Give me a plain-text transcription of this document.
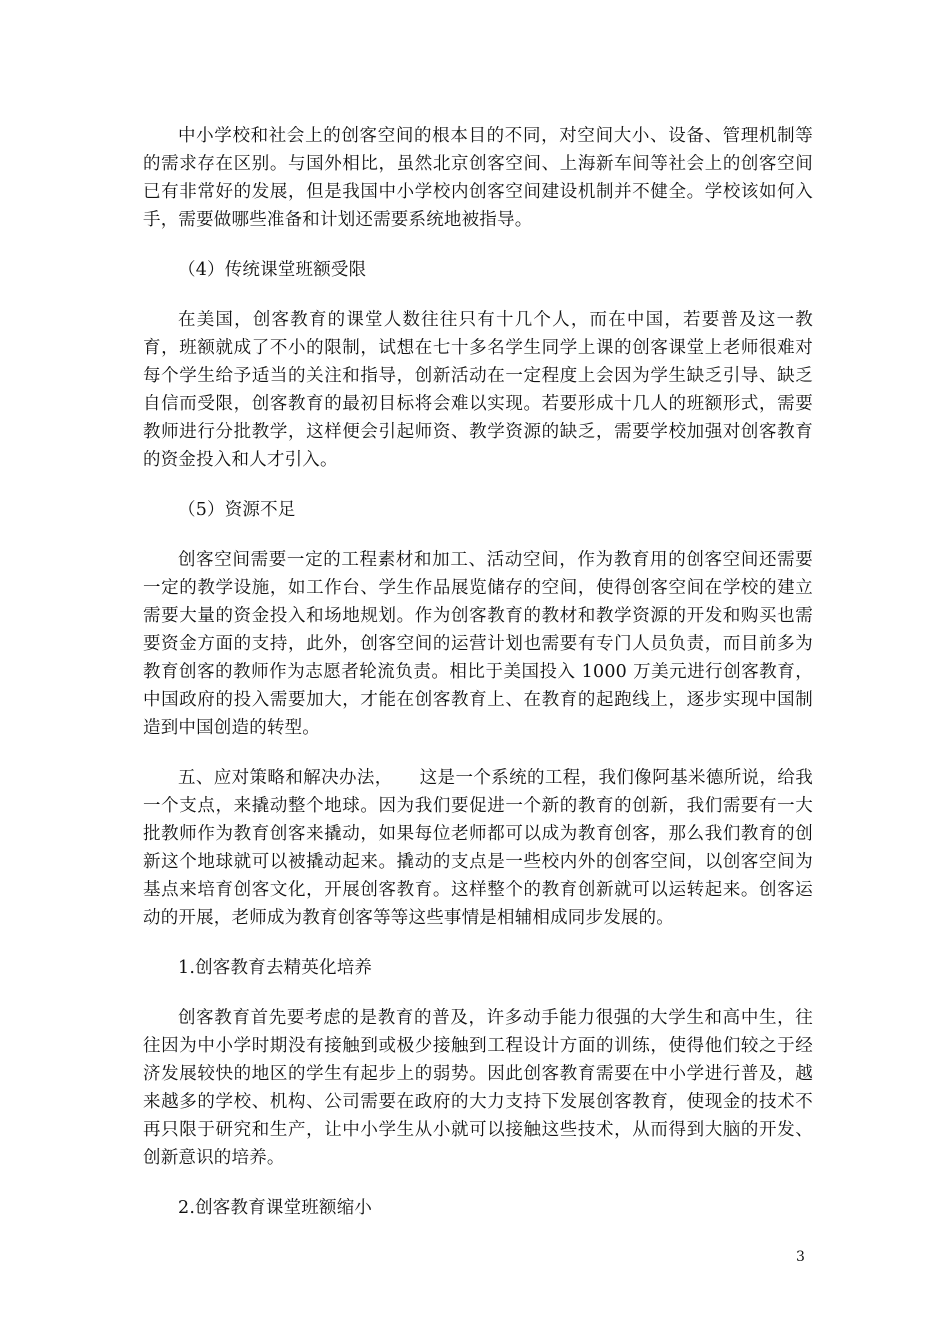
中小学校和社会上的创客空间的根本目的不同，对空间大小、设备、管理机制等的需求存在区别。与国外相比，虽然北京创客空间、上海新车间等社会上的创客空间已有非常好的发展，但是我国中小学校内创客空间建设机制并不健全。学校该如何入手，需要做哪些准备和计划还需要系统地被指导。

（4）传统课堂班额受限

在美国，创客教育的课堂人数往往只有十几个人，而在中国，若要普及这一教育，班额就成了不小的限制，试想在七十多名学生同学上课的创客课堂上老师很难对每个学生给予适当的关注和指导，创新活动在一定程度上会因为学生缺乏引导、缺乏自信而受限，创客教育的最初目标将会难以实现。若要形成十几人的班额形式，需要教师进行分批教学，这样便会引起师资、教学资源的缺乏，需要学校加强对创客教育的资金投入和人才引入。

（5）资源不足

创客空间需要一定的工程素材和加工、活动空间，作为教育用的创客空间还需要一定的教学设施，如工作台、学生作品展览储存的空间，使得创客空间在学校的建立需要大量的资金投入和场地规划。作为创客教育的教材和教学资源的开发和购买也需要资金方面的支持，此外，创客空间的运营计划也需要有专门人员负责，而目前多为教育创客的教师作为志愿者轮流负责。相比于美国投入 1000 万美元进行创客教育，中国政府的投入需要加大，才能在创客教育上、在教育的起跑线上，逐步实现中国制造到中国创造的转型。

五、应对策略和解决办法，　　这是一个系统的工程，我们像阿基米德所说，给我一个支点，来撬动整个地球。因为我们要促进一个新的教育的创新，我们需要有一大批教师作为教育创客来撬动，如果每位老师都可以成为教育创客，那么我们教育的创新这个地球就可以被撬动起来。撬动的支点是一些校内外的创客空间，以创客空间为基点来培育创客文化，开展创客教育。这样整个的教育创新就可以运转起来。创客运动的开展，老师成为教育创客等等这些事情是相辅相成同步发展的。

1.创客教育去精英化培养

创客教育首先要考虑的是教育的普及，许多动手能力很强的大学生和高中生，往往因为中小学时期没有接触到或极少接触到工程设计方面的训练，使得他们较之于经济发展较快的地区的学生有起步上的弱势。因此创客教育需要在中小学进行普及，越来越多的学校、机构、公司需要在政府的大力支持下发展创客教育，使现金的技术不再只限于研究和生产，让中小学生从小就可以接触这些技术，从而得到大脑的开发、创新意识的培养。

2.创客教育课堂班额缩小

3
